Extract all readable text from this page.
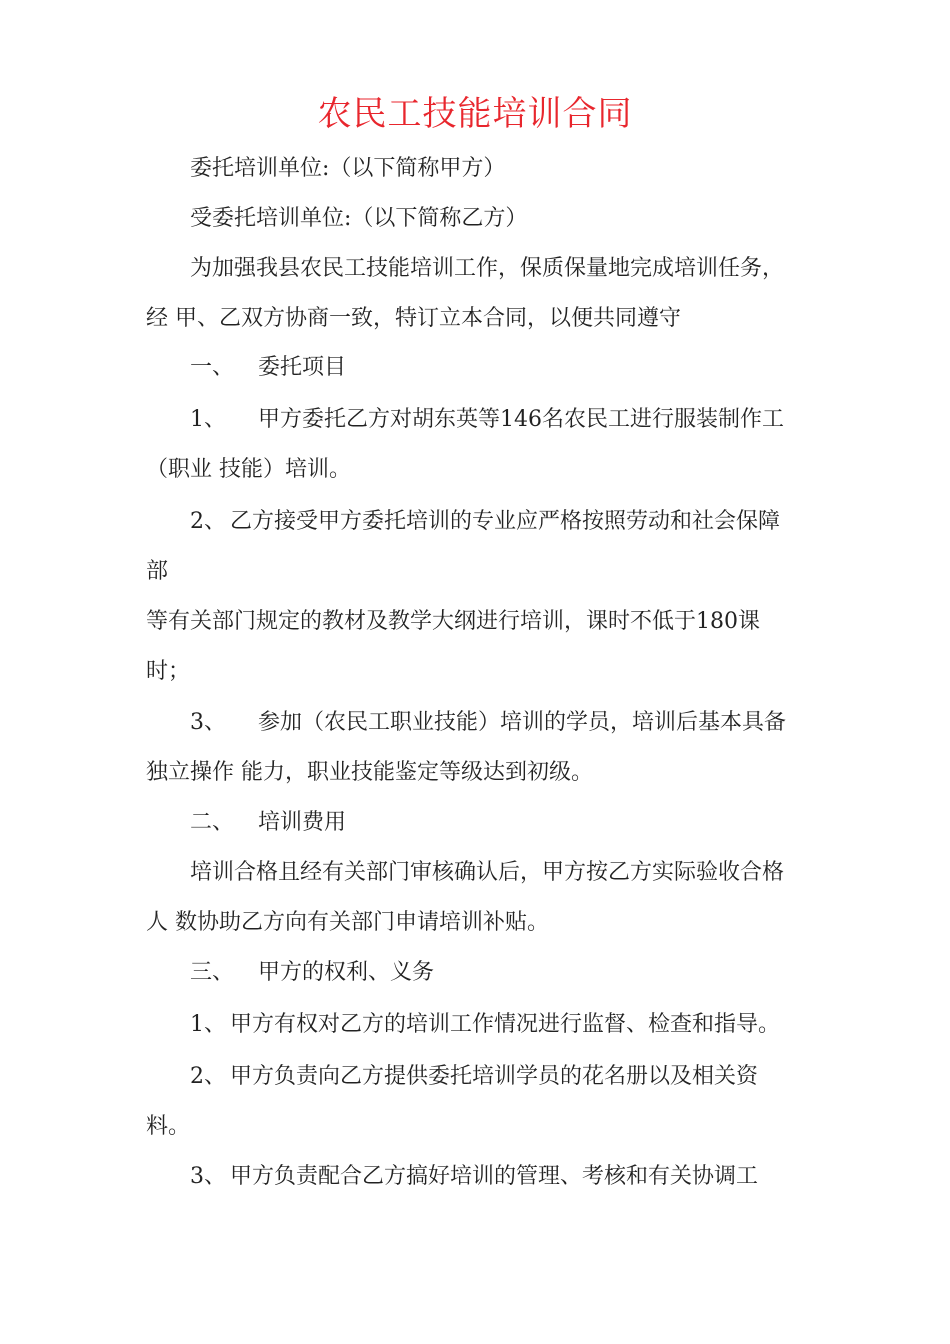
农民工技能培训合同
委托培训单位:（以下简称甲方）
受委托培训单位:（以下简称乙方）
为加强我县农民工技能培训工作，保质保量地完成培训任务，
经 甲、乙双方协商一致，特订立本合同，以便共同遵守
一、 委托项目
1、 甲方委托乙方对胡东英等146名农民工进行服装制作工
（职业 技能）培训。
2、 乙方接受甲方委托培训的专业应严格按照劳动和社会保障
部
等有关部门规定的教材及教学大纲进行培训，课时不低于180课
时；
3、 参加（农民工职业技能）培训的学员，培训后基本具备
独立操作 能力，职业技能鉴定等级达到初级。
二、 培训费用
培训合格且经有关部门审核确认后，甲方按乙方实际验收合格
人 数协助乙方向有关部门申请培训补贴。
三、 甲方的权利、义务
1、 甲方有权对乙方的培训工作情况进行监督、检查和指导。
2、 甲方负责向乙方提供委托培训学员的花名册以及相关资
料。
3、 甲方负责配合乙方搞好培训的管理、考核和有关协调工
